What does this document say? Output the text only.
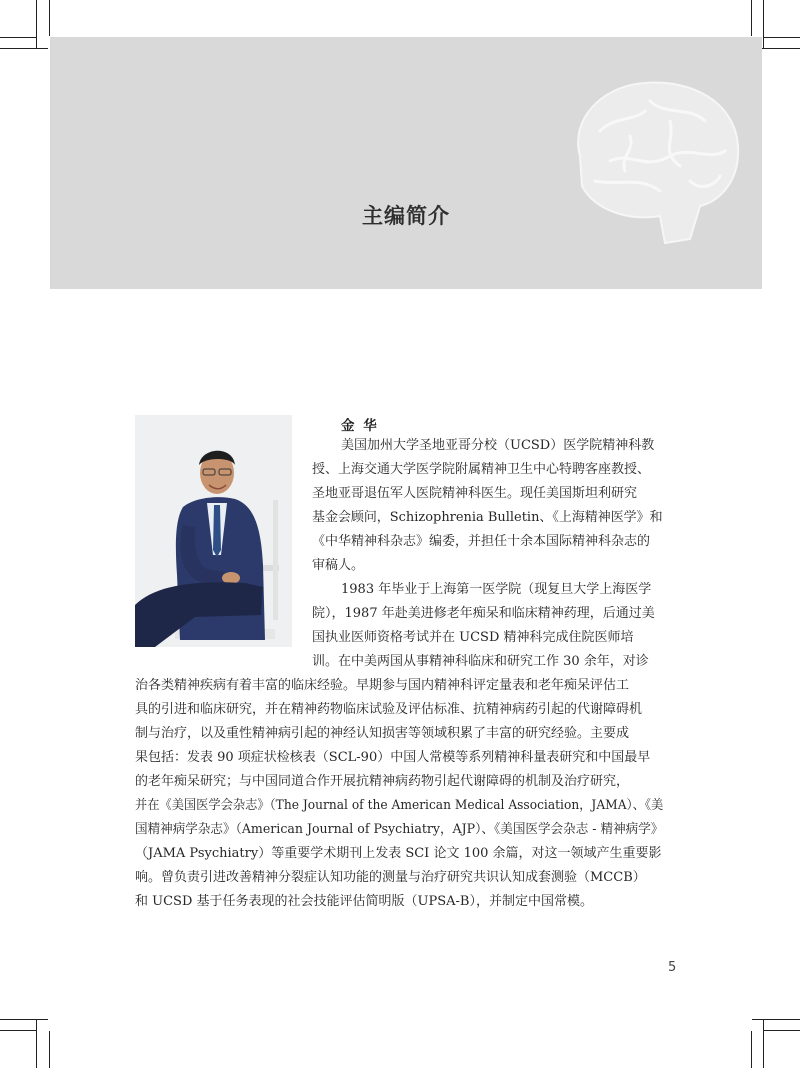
主编简介
金 华
美国加州大学圣地亚哥分校（UCSD）医学院精神科教
授、上海交通大学医学院附属精神卫生中心特聘客座教授、
圣地亚哥退伍军人医院精神科医生。现任美国斯坦利研究
基金会顾问，Schizophrenia Bulletin、《上海精神医学》和
《中华精神科杂志》编委，并担任十余本国际精神科杂志的
审稿人。
1983 年毕业于上海第一医学院（现复旦大学上海医学
院），1987 年赴美进修老年痴呆和临床精神药理，后通过美
国执业医师资格考试并在 UCSD 精神科完成住院医师培
训。在中美两国从事精神科临床和研究工作 30 余年，对诊
治各类精神疾病有着丰富的临床经验。早期参与国内精神科评定量表和老年痴呆评估工
具的引进和临床研究，并在精神药物临床试验及评估标准、抗精神病药引起的代谢障碍机
制与治疗，以及重性精神病引起的神经认知损害等领域积累了丰富的研究经验。主要成
果包括：发表 90 项症状检核表（SCL-90）中国人常模等系列精神科量表研究和中国最早
的老年痴呆研究；与中国同道合作开展抗精神病药物引起代谢障碍的机制及治疗研究，
并在《美国医学会杂志》（The Journal of the American Medical Association，JAMA）、《美
国精神病学杂志》（American Journal of Psychiatry，AJP）、《美国医学会杂志 - 精神病学》
（JAMA Psychiatry）等重要学术期刊上发表 SCI 论文 100 余篇，对这一领域产生重要影
响。曾负责引进改善精神分裂症认知功能的测量与治疗研究共识认知成套测验（MCCB）
和 UCSD 基于任务表现的社会技能评估简明版（UPSA-B），并制定中国常模。
5
